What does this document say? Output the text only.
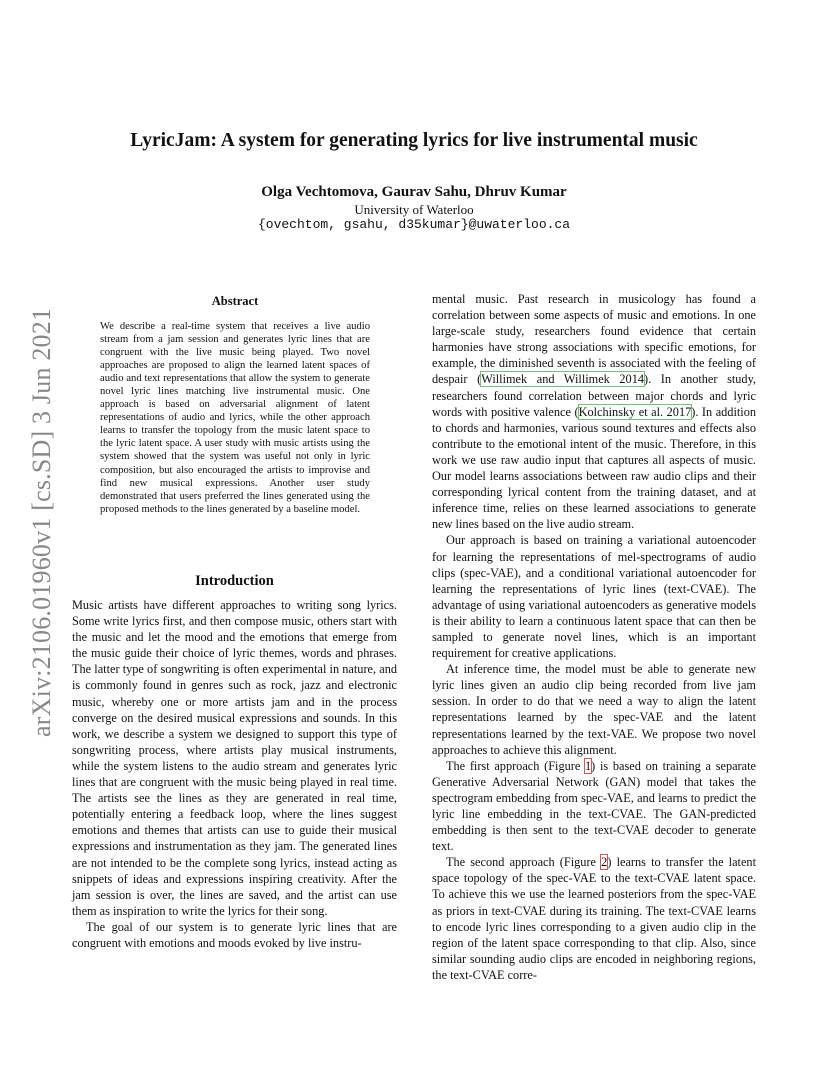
arXiv:2106.01960v1 [cs.SD] 3 Jun 2021
LyricJam: A system for generating lyrics for live instrumental music
Olga Vechtomova, Gaurav Sahu, Dhruv Kumar
University of Waterloo
{ovechtom, gsahu, d35kumar}@uwaterloo.ca
Abstract
We describe a real-time system that receives a live audio stream from a jam session and generates lyric lines that are congruent with the live music being played. Two novel approaches are proposed to align the learned latent spaces of audio and text representations that allow the system to generate novel lyric lines matching live instrumental music. One approach is based on adversarial alignment of latent representations of audio and lyrics, while the other approach learns to transfer the topology from the music latent space to the lyric latent space. A user study with music artists using the system showed that the system was useful not only in lyric composition, but also encouraged the artists to improvise and find new musical expressions. Another user study demonstrated that users preferred the lines generated using the proposed methods to the lines generated by a baseline model.
Introduction

Music artists have different approaches to writing song lyrics. Some write lyrics first, and then compose music, others start with the music and let the mood and the emotions that emerge from the music guide their choice of lyric themes, words and phrases. The latter type of songwriting is often experimental in nature, and is commonly found in genres such as rock, jazz and electronic music, whereby one or more artists jam and in the process converge on the desired musical expressions and sounds. In this work, we describe a system we designed to support this type of songwriting process, where artists play musical instruments, while the system listens to the audio stream and generates lyric lines that are congruent with the music being played in real time. The artists see the lines as they are generated in real time, potentially entering a feedback loop, where the lines suggest emotions and themes that artists can use to guide their musical expressions and instrumentation as they jam. The generated lines are not intended to be the complete song lyrics, instead acting as snippets of ideas and expressions inspiring creativity. After the jam session is over, the lines are saved, and the artist can use them as inspiration to write the lyrics for their song.

The goal of our system is to generate lyric lines that are congruent with emotions and moods evoked by live instru-

mental music. Past research in musicology has found a correlation between some aspects of music and emotions. In one large-scale study, researchers found evidence that certain harmonies have strong associations with specific emotions, for example, the diminished seventh is associated with the feeling of despair (Willimek and Willimek 2014). In another study, researchers found correlation between major chords and lyric words with positive valence (Kolchinsky et al. 2017). In addition to chords and harmonies, various sound textures and effects also contribute to the emotional intent of the music. Therefore, in this work we use raw audio input that captures all aspects of music. Our model learns associations between raw audio clips and their corresponding lyrical content from the training dataset, and at inference time, relies on these learned associations to generate new lines based on the live audio stream.

Our approach is based on training a variational autoencoder for learning the representations of mel-spectrograms of audio clips (spec-VAE), and a conditional variational autoencoder for learning the representations of lyric lines (text-CVAE). The advantage of using variational autoencoders as generative models is their ability to learn a continuous latent space that can then be sampled to generate novel lines, which is an important requirement for creative applications.

At inference time, the model must be able to generate new lyric lines given an audio clip being recorded from live jam session. In order to do that we need a way to align the latent representations learned by the spec-VAE and the latent representations learned by the text-VAE. We propose two novel approaches to achieve this alignment.

The first approach (Figure 1) is based on training a separate Generative Adversarial Network (GAN) model that takes the spectrogram embedding from spec-VAE, and learns to predict the lyric line embedding in the text-CVAE. The GAN-predicted embedding is then sent to the text-CVAE decoder to generate text.

The second approach (Figure 2) learns to transfer the latent space topology of the spec-VAE to the text-CVAE latent space. To achieve this we use the learned posteriors from the spec-VAE as priors in text-CVAE during its training. The text-CVAE learns to encode lyric lines corresponding to a given audio clip in the region of the latent space corresponding to that clip. Also, since similar sounding audio clips are encoded in neighboring regions, the text-CVAE corre-
